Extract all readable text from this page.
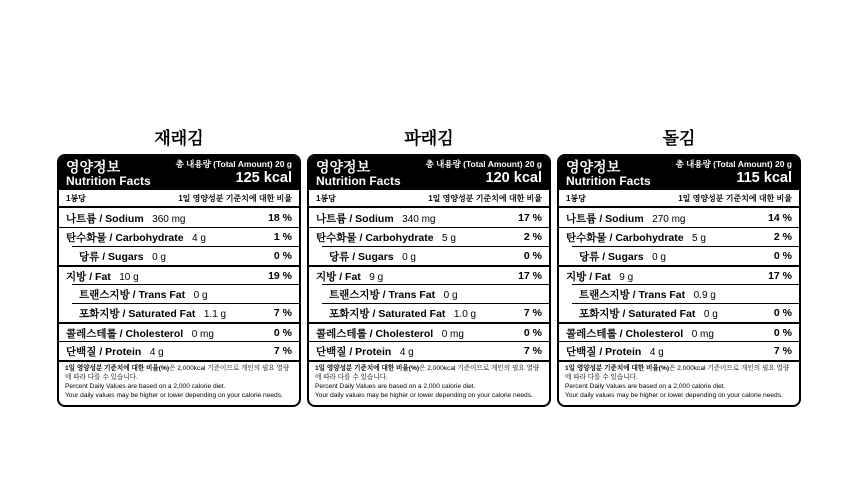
재래김
영양정보
Nutrition Facts
총 내용량 (Total Amount) 20 g
125 kcal
1봉당	1일 영양성분 기준치에 대한 비율
나트륨 / Sodium 360 mg	18 %
탄수화물 / Carbohydrate 4 g	1 %
당류 / Sugars 0 g	0 %
지방 / Fat 10 g	19 %
트랜스지방 / Trans Fat 0 g
포화지방 / Saturated Fat 1.1 g	7 %
콜레스테롤 / Cholesterol 0 mg	0 %
단백질 / Protein 4 g	7 %
1일 영양성분 기준치에 대한 비율(%)은 2,000kcal 기준이므로 개인의 필요 열량에 따라 다를 수 있습니다.
Percent Daily Values are based on a 2,000 calorie diet.
Your daily values may be higher or lower depending on your calorie needs.
파래김
영양정보
Nutrition Facts
총 내용량 (Total Amount) 20 g
120 kcal
1봉당	1일 영양성분 기준치에 대한 비율
나트륨 / Sodium 340 mg	17 %
탄수화물 / Carbohydrate 5 g	2 %
당류 / Sugars 0 g	0 %
지방 / Fat 9 g	17 %
트랜스지방 / Trans Fat 0 g
포화지방 / Saturated Fat 1.0 g	7 %
콜레스테롤 / Cholesterol 0 mg	0 %
단백질 / Protein 4 g	7 %
1일 영양성분 기준치에 대한 비율(%)은 2,000kcal 기준이므로 개인의 필요 열량에 따라 다를 수 있습니다.
Percent Daily Values are based on a 2,000 calorie diet.
Your daily values may be higher or lower depending on your calorie needs.
돌김
영양정보
Nutrition Facts
총 내용량 (Total Amount) 20 g
115 kcal
1봉당	1일 영양성분 기준치에 대한 비율
나트륨 / Sodium 270 mg	14 %
탄수화물 / Carbohydrate 5 g	2 %
당류 / Sugars 0 g	0 %
지방 / Fat 9 g	17 %
트랜스지방 / Trans Fat 0.9 g
포화지방 / Saturated Fat 0 g	0 %
콜레스테롤 / Cholesterol 0 mg	0 %
단백질 / Protein 4 g	7 %
1일 영양성분 기준치에 대한 비율(%)은 2,000kcal 기준이므로 개인의 필요 열량에 따라 다를 수 있습니다.
Percent Daily Values are based on a 2,000 calorie diet.
Your daily values may be higher or lower depending on your calorie needs.
